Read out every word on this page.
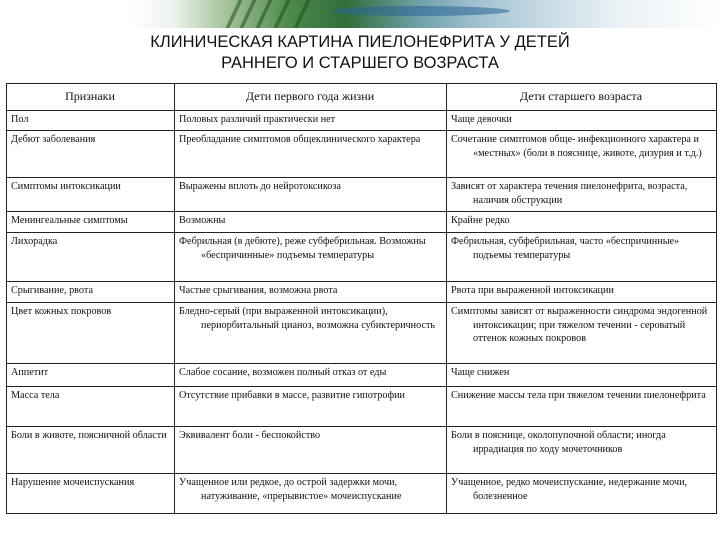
КЛИНИЧЕСКАЯ КАРТИНА ПИЕЛОНЕФРИТА У ДЕТЕЙ
РАННЕГО И СТАРШЕГО ВОЗРАСТА
Признаки	Дети первого года жизни	Дети старшего возраста

Пол	Половых различий практически нет	Чаще девочки

Дебют заболевания	Преобладание симптомов общеклинического характера	Сочетание симптомов обще- инфекционного характера и «местных» (боли в пояснице, животе, дизурия и т.д.)

Симптомы интоксикации	Выражены вплоть до нейротоксикоза	Зависят от характера течения пиелонефрита, возраста, наличия обструкции

Менингеальные симптомы	Возможны	Крайне редко

Лихорадка	Фебрильная (в дебюте), реже субфебрильная. Возможны «беспричинные» подъемы температуры	Фебрильная, субфебрильная, часто «беспричинные» подъемы температуры

Срыгивание, рвота	Частые срыгивания, возможна рвота	Рвота при выраженной интоксикации

Цвет кожных покровов	Бледно-серый (при выраженной интоксикации), периорбитальный цианоз, возможна субиктеричность	Симптомы зависят от выраженности синдрома эндогенной интоксикации; при тяжелом течении - сероватый оттенок кожных покровов

Аппетит	Слабое сосание, возможен полный отказ от еды	Чаще снижен

Масса тела	Отсутствие прибавки в массе, развитие гипотрофии	Снижение массы тела при тяжелом течении пиелонефрита

Боли в животе, поясничной области	Эквивалент боли - беспокойство	Боли в пояснице, околопупочной области; иногда иррадиация по ходу мочеточников

Нарушение мочеиспускания	Учащенное или редкое, до острой задержки мочи, натуживание, «прерывистое» мочеиспускание	Учащенное, редко мочеиспускание, недержание мочи, болезненное
